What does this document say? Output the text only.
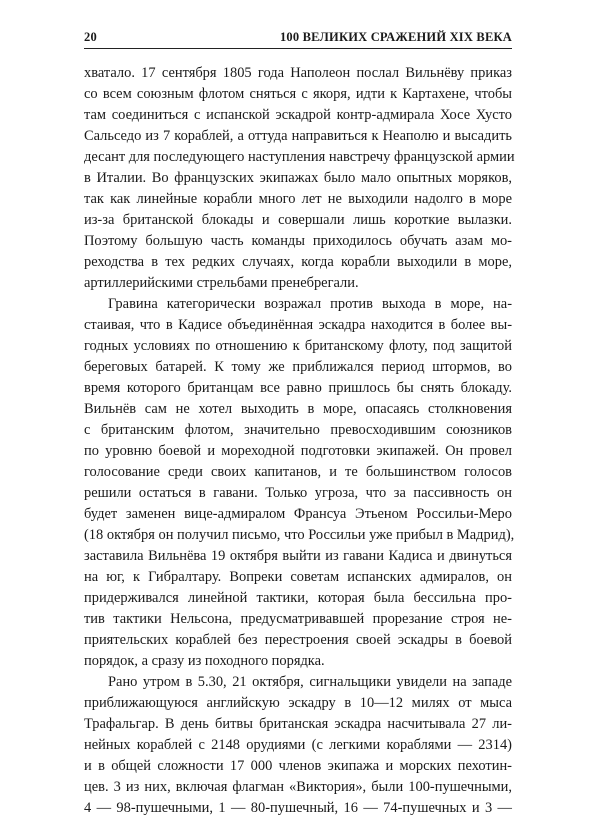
20	100 ВЕЛИКИХ СРАЖЕНИЙ XIX ВЕКА

хватало. 17 сентября 1805 года Наполеон послал Вильнёву приказ
со всем союзным флотом сняться с якоря, идти к Картахене, чтобы
там соединиться с испанской эскадрой контр-адмирала Хосе Хусто
Сальседо из 7 кораблей, а оттуда направиться к Неаполю и высадить
десант для последующего наступления навстречу французской армии
в Италии. Во французских экипажах было мало опытных моряков,
так как линейные корабли много лет не выходили надолго в море
из-за британской блокады и совершали лишь короткие вылазки.
Поэтому большую часть команды приходилось обучать азам мо-
реходства в тех редких случаях, когда корабли выходили в море,
артиллерийскими стрельбами пренебрегали.

Гравина категорически возражал против выхода в море, на-
стаивая, что в Кадисе объединённая эскадра находится в более вы-
годных условиях по отношению к британскому флоту, под защитой
береговых батарей. К тому же приближался период штормов, во
время которого британцам все равно пришлось бы снять блокаду.
Вильнёв сам не хотел выходить в море, опасаясь столкновения
с британским флотом, значительно превосходившим союзников
по уровню боевой и мореходной подготовки экипажей. Он провел
голосование среди своих капитанов, и те большинством голосов
решили остаться в гавани. Только угроза, что за пассивность он
будет заменен вице-адмиралом Франсуа Этьеном Россильи-Меро
(18 октября он получил письмо, что Россильи уже прибыл в Мадрид),
заставила Вильнёва 19 октября выйти из гавани Кадиса и двинуться
на юг, к Гибралтару. Вопреки советам испанских адмиралов, он
придерживался линейной тактики, которая была бессильна про-
тив тактики Нельсона, предусматривавшей прорезание строя не-
приятельских кораблей без перестроения своей эскадры в боевой
порядок, а сразу из походного порядка.

Рано утром в 5.30, 21 октября, сигнальщики увидели на западе
приближающуюся английскую эскадру в 10—12 милях от мыса
Трафальгар. В день битвы британская эскадра насчитывала 27 ли-
нейных кораблей с 2148 орудиями (с легкими кораблями — 2314)
и в общей сложности 17 000 членов экипажа и морских пехотин-
цев. 3 из них, включая флагман «Виктория», были 100-пушечными,
4 — 98-пушечными, 1 — 80-пушечный, 16 — 74-пушечных и 3 —
